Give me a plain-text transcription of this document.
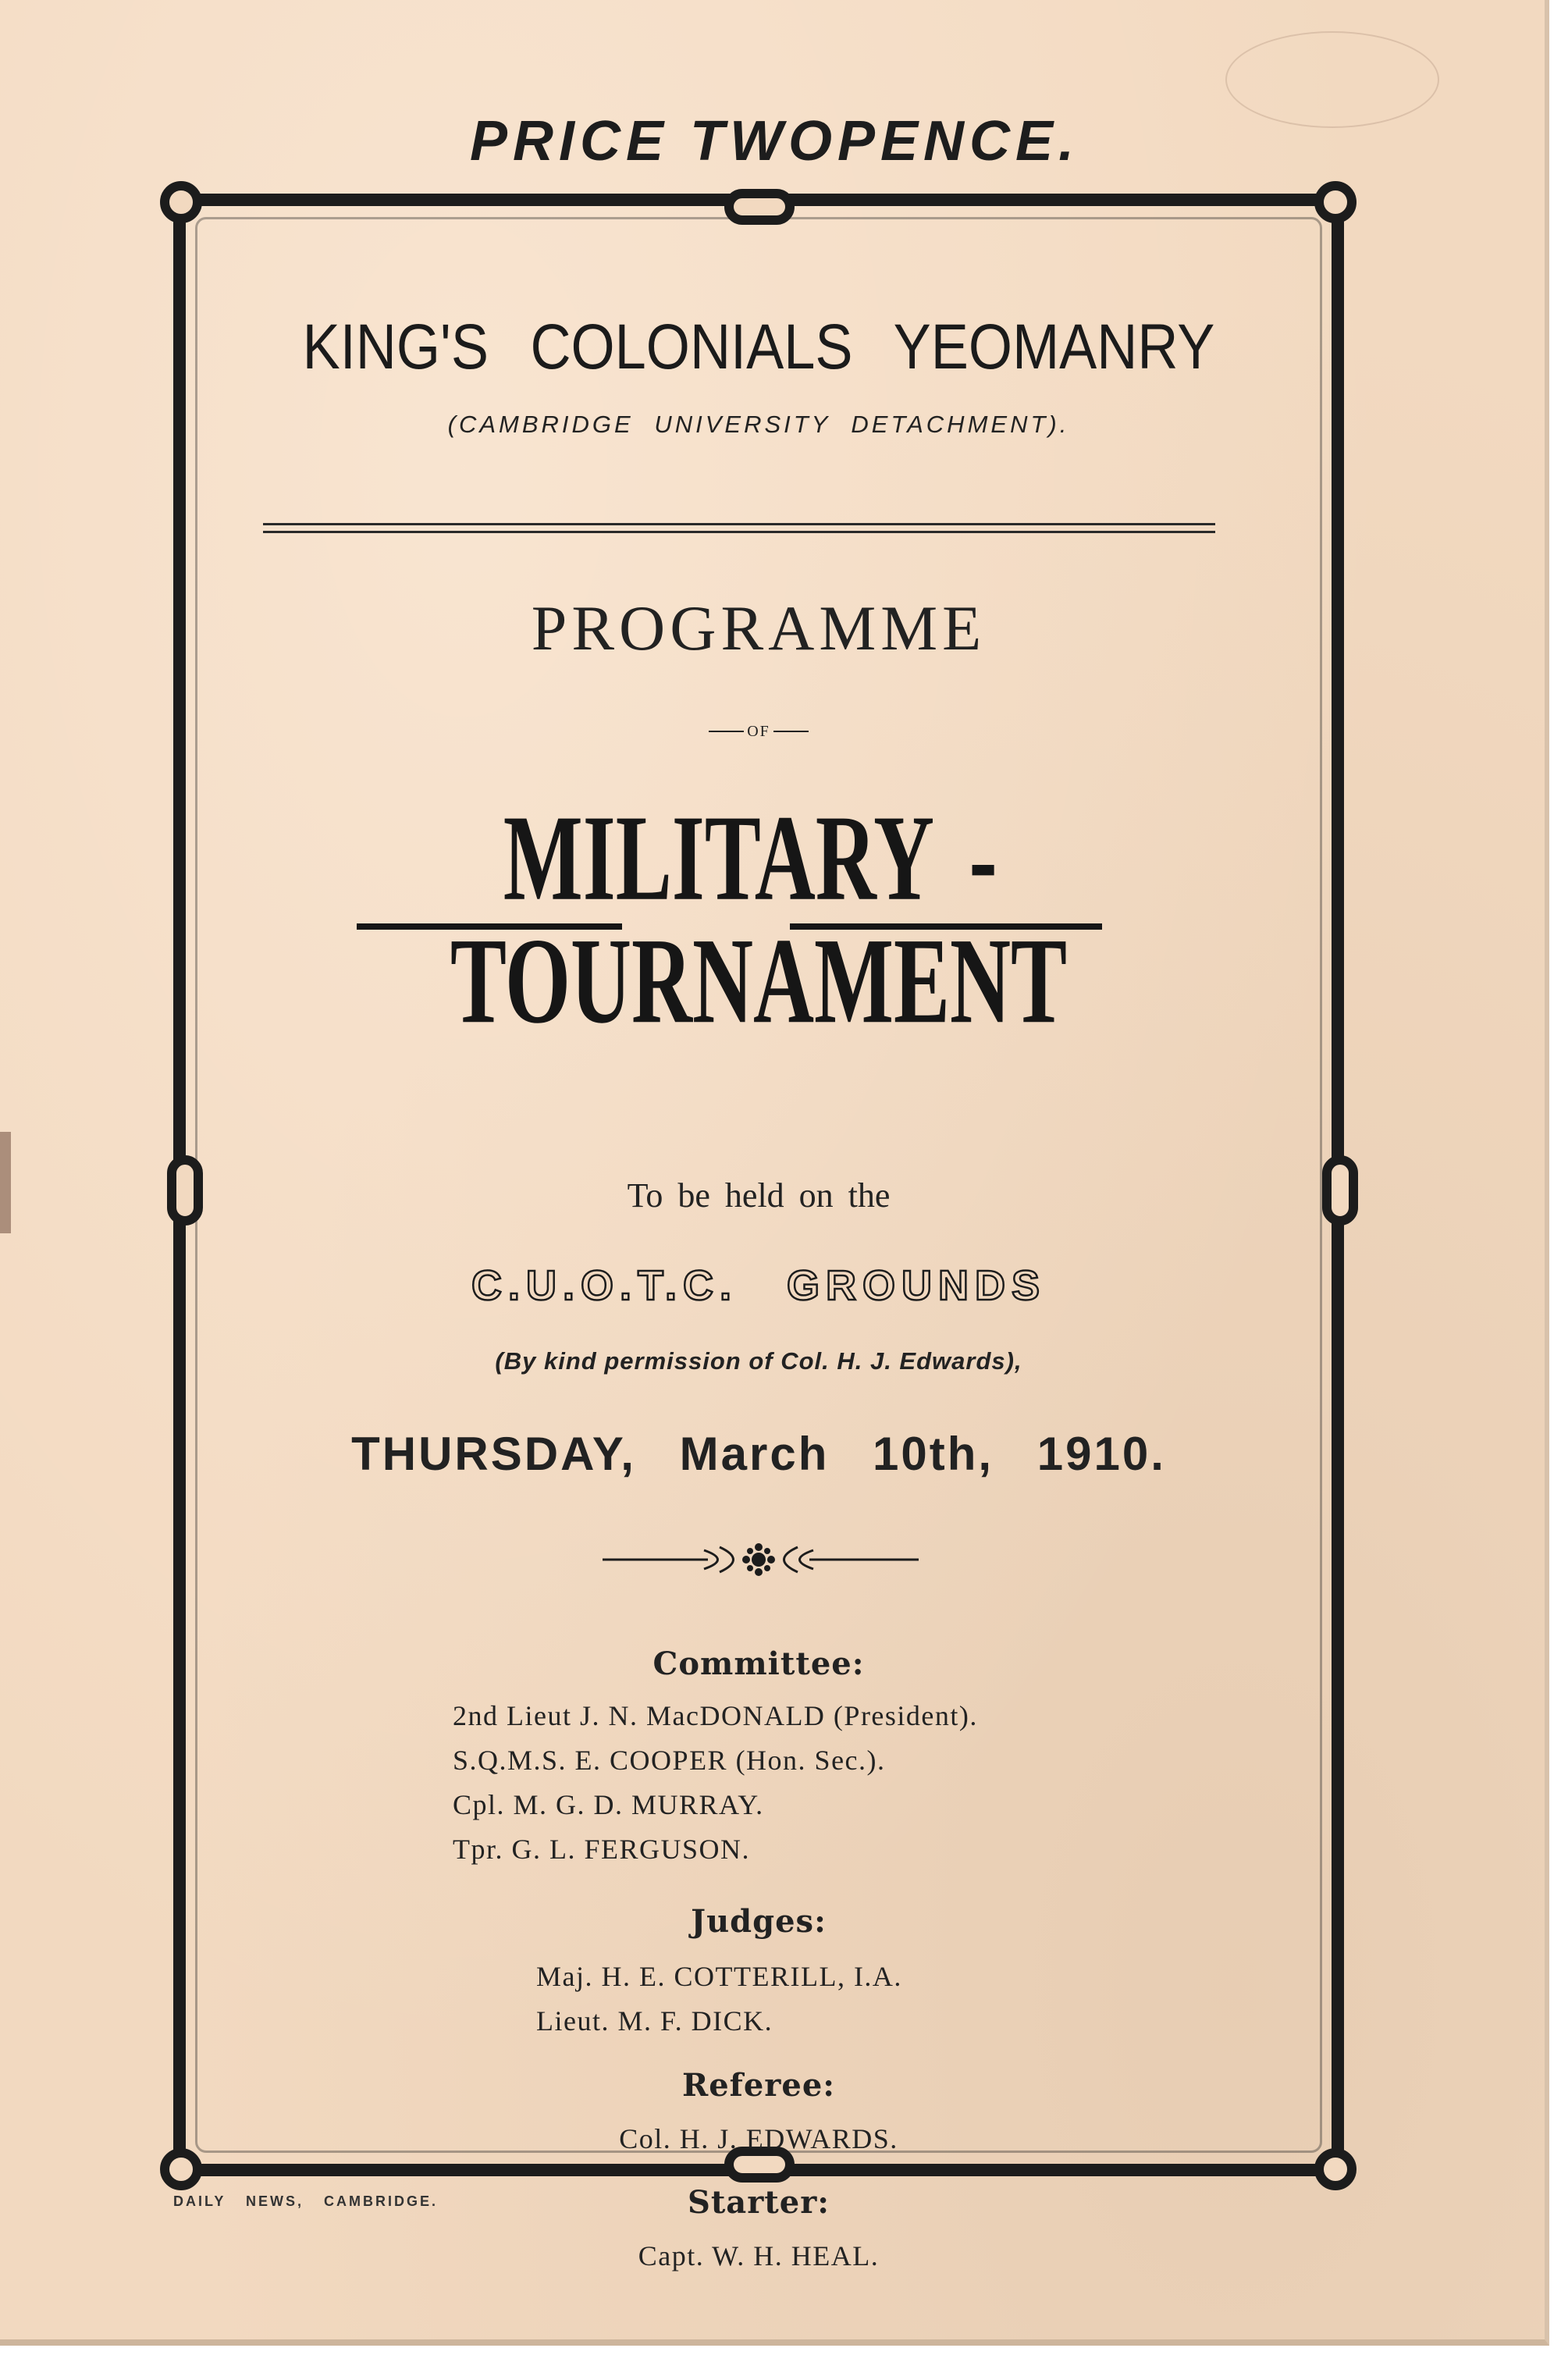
PRICE TWOPENCE.
KING'S COLONIALS YEOMANRY
(CAMBRIDGE UNIVERSITY DETACHMENT).
PROGRAMME
OF
MILITARY - TOURNAMENT
To be held on the
C.U.O.T.C. GROUNDS
(By kind permission of Col. H. J. Edwards),
THURSDAY, March 10th, 1910.
Committee:
2nd Lieut J. N. MacDONALD (President).
S.Q.M.S. E. COOPER (Hon. Sec.).
Cpl. M. G. D. MURRAY.
Tpr. G. L. FERGUSON.
Judges:
Maj. H. E. COTTERILL, I.A.
Lieut. M. F. DICK.
Referee:
Col. H. J. EDWARDS.
Starter:
Capt. W. H. HEAL.
DAILY NEWS, CAMBRIDGE.
